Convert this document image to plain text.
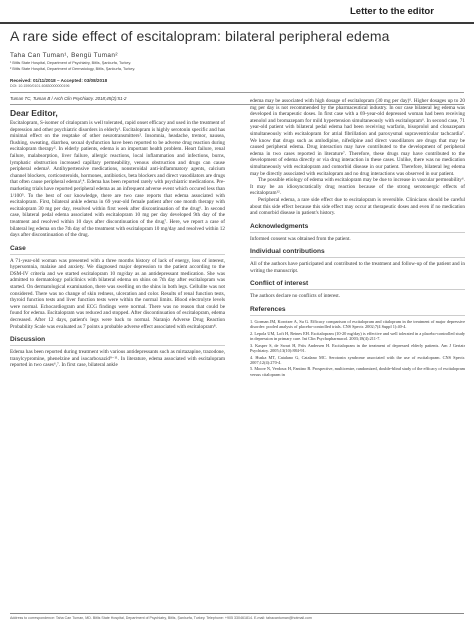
Letter to the editor
A rare side effect of escitalopram: bilateral peripheral edema
Taha Can Tuman¹, Bengü Tuman²
¹ Bitlis State Hospital, Department of Psychiatry, Bitlis, Şanlıurfa, Turkey.
² Bitlis State Hospital, Department of Dermatology, Bitlis, Şanlıurfa, Turkey.
Received: 01/11/2018 – Accepted: 03/08/2018
DOI: 10.1590/0101-60830000000196
Tuman TC, Tuman B / Arch Clin Psychiatry. 2018;45(2):51-2
Dear Editor,

Escitalopram, S-isomer of citalopram is well tolerated, rapid onset efficacy and used in the treatment of depression and other psychiatric disorders in elderly¹. Escitalopram is highly serotonin specific and has minimal effect on the reuptake of other neurotransmitters². Insomnia, headache, tremor, nausea, flushing, sweating, diarrhea, sexual dysfunction have been reported to be adverse drug reaction during escitalopram therapy². In elderly patients, edema is an important health problem. Heart failure, renal failure, malabsorption, liver failure, allergic reactions, local inflammation and infections, burns, lymphatic obstruction increased capillary permeability, venous obstruction and drugs can cause peripheral edema². Antihypertensive medications, nonsteroidal anti-inflammatory agents, calcium channel blockers, corticosteroids, hormones, antibiotics, beta blockers and direct vasodilators are drugs that often cause peripheral edema³,⁴. Edema has been reported rarely with psychiatric medications. Pre-marketing trials have reported peripheral edema as an infrequent adverse event which occured less than 1/100⁵. To the best of our knowledge, there are two case reports that edema associated with escitalopram. First, bilateral ankle edema in 69 year-old female patient after one month therapy with escitalopram 30 mg per day, resolved within first week after discontinuation of the drug⁶. In second case, bilateral pedal edema associated with escitalopram 10 mg per day developed 9th day of the treatment and resolved within 10 days after discontinuation of the drug⁷. Here, we report a case of bilateral leg edema on the 7th day of the treatment with escitalopram 10 mg/day and resolved within 12 days after discontinuation of the drug.

Case

A 71-year-old woman was presented with a three months history of lack of energy, loss of interest, hypersomnia, malaise and anxiety. We diagnosed major depression to the patient according to the DSM-IV criteria and we started escitalopram 10 mg/day as an antidepressant medication. She was admitted to dermatology policlinics with bilateral edema on shins on 7th day after escitalopram was started. On dermatological examination, there was swelling on the shins in both legs. Cellulite was not considered. There was no change of skin redness, ulceration and color. Results of renal function tests, thyroid function tests and liver function tests were within the normal limits. Blood electrolyte levels were normal. Echocardiogram and ECG findings were normal. There was no reason that could be found for edema. Escitalopram was reduced and stopped. After discontinuation of escitalopram, edema decreased. After 12 days, patient's legs were back to normal. Naranjo Adverse Drug Reaction Probability Scale was evaluated as 7 points a probable adverse effect associated with escitalopram⁸.

Discussion

Edema has been reported during treatment with various antidepressants such as mirtazapine, trazodone, tranylcypromine, phenelzine and isocarboxazid⁹⁻¹¹. In literature, edema associated with escitalopram reported in two cases⁶,⁷. In first case, bilateral ankle

edema may be associated with high dosage of escitalopram (30 mg per day)⁶. Higher dosages up to 20 mg per day is not recommended by the pharmaceutical industry. In our case bilateral leg edema was developed in therapeutic doses. In first case with a 69-year-old depressed woman had been receiving atenolol and bromazepam for mild hypertension simultaneously with escitalopram⁶. In second case, 71 year-old patient with bilateral pedal edema had been receiving warfarin, bisoprolol and clonazepam simultaneously with escitalopram for atrial fibrillation and paroxysmal supraventricular tachcardia⁷. We know that drugs such as amlodipine, nifedipine and direct vasodilators are drugs that may be caused peripheral edema. Drug interaction may have contributed to the development of peripheral edema in two cases reported in literature⁷. Therefore, these drugs may have contributed to the development of edema directly or via drug interaction in these cases. Unlike, there was no medication simultaneously with escitalopram and comorbid disease in our patient. Therefore, bilateral leg edema may be directly associated with escitalopram and no drug interactions was observed in our patient.

The possible etiology of edema with escitalopram may be due to increase in vascular permeability⁶. It may be an idiosyncratically drug reaction because of the strong serotonergic effects of escitalopram¹².

Peripheral edema, a rare side effect due to escitalopram is reversible. Clinicians should be careful about this side effect because this side effect may occur at therapeutic doses and even if no medication and comorbid disease in patient's history.

Acknowledgments

Informed consent was obtained from the patient.

Individual contributions

All of the authors have participated and contributed to the treatment and follow-up of the patient and in writing the manuscript.

Conflict of interest

The authors declare no conflicts of interest.

References
1. Gorman JM, Korotzer A, Su G. Efficacy comparison of escitalopram and citalopram in the treatment of major depressive disorder: pooled analysis of placebo-controlled trials. CNS Spectr. 2002;7(4 Suppl 1):40-4.
2. Lepola UM, Loft H, Reines EH. Escitalopram (10-20 mg/day) is effective and well tolerated in a placebo-controlled study in depression in primary care. Int Clin Psychopharmacol. 2003;18(4):211-7.
3. Kasper S, de Swart H, Friis Andersen H. Escitalopram in the treatment of depressed elderly patients. Am J Geriatr Psychiatry. 2005;13(10):884-91.
4. Huska MT, Catalano G, Catalano MC. Serotonin syndrome associated with the use of escitalopram. CNS Spectr. 2007;12(4):270-4.
5. Moore N, Verdoux H, Fantino B. Prospective, multicentre, randomized, double-blind study of the efficacy of escitalopram versus citalopram in
Address to correspondence: Taha Can Tuman, MD. Bitlis State Hospital, Department of Psychiatry, Bitlis, Şanlıurfa, Turkey. Telephone: +905 330461814. E-mail: tahacantuman@hotmail.com
